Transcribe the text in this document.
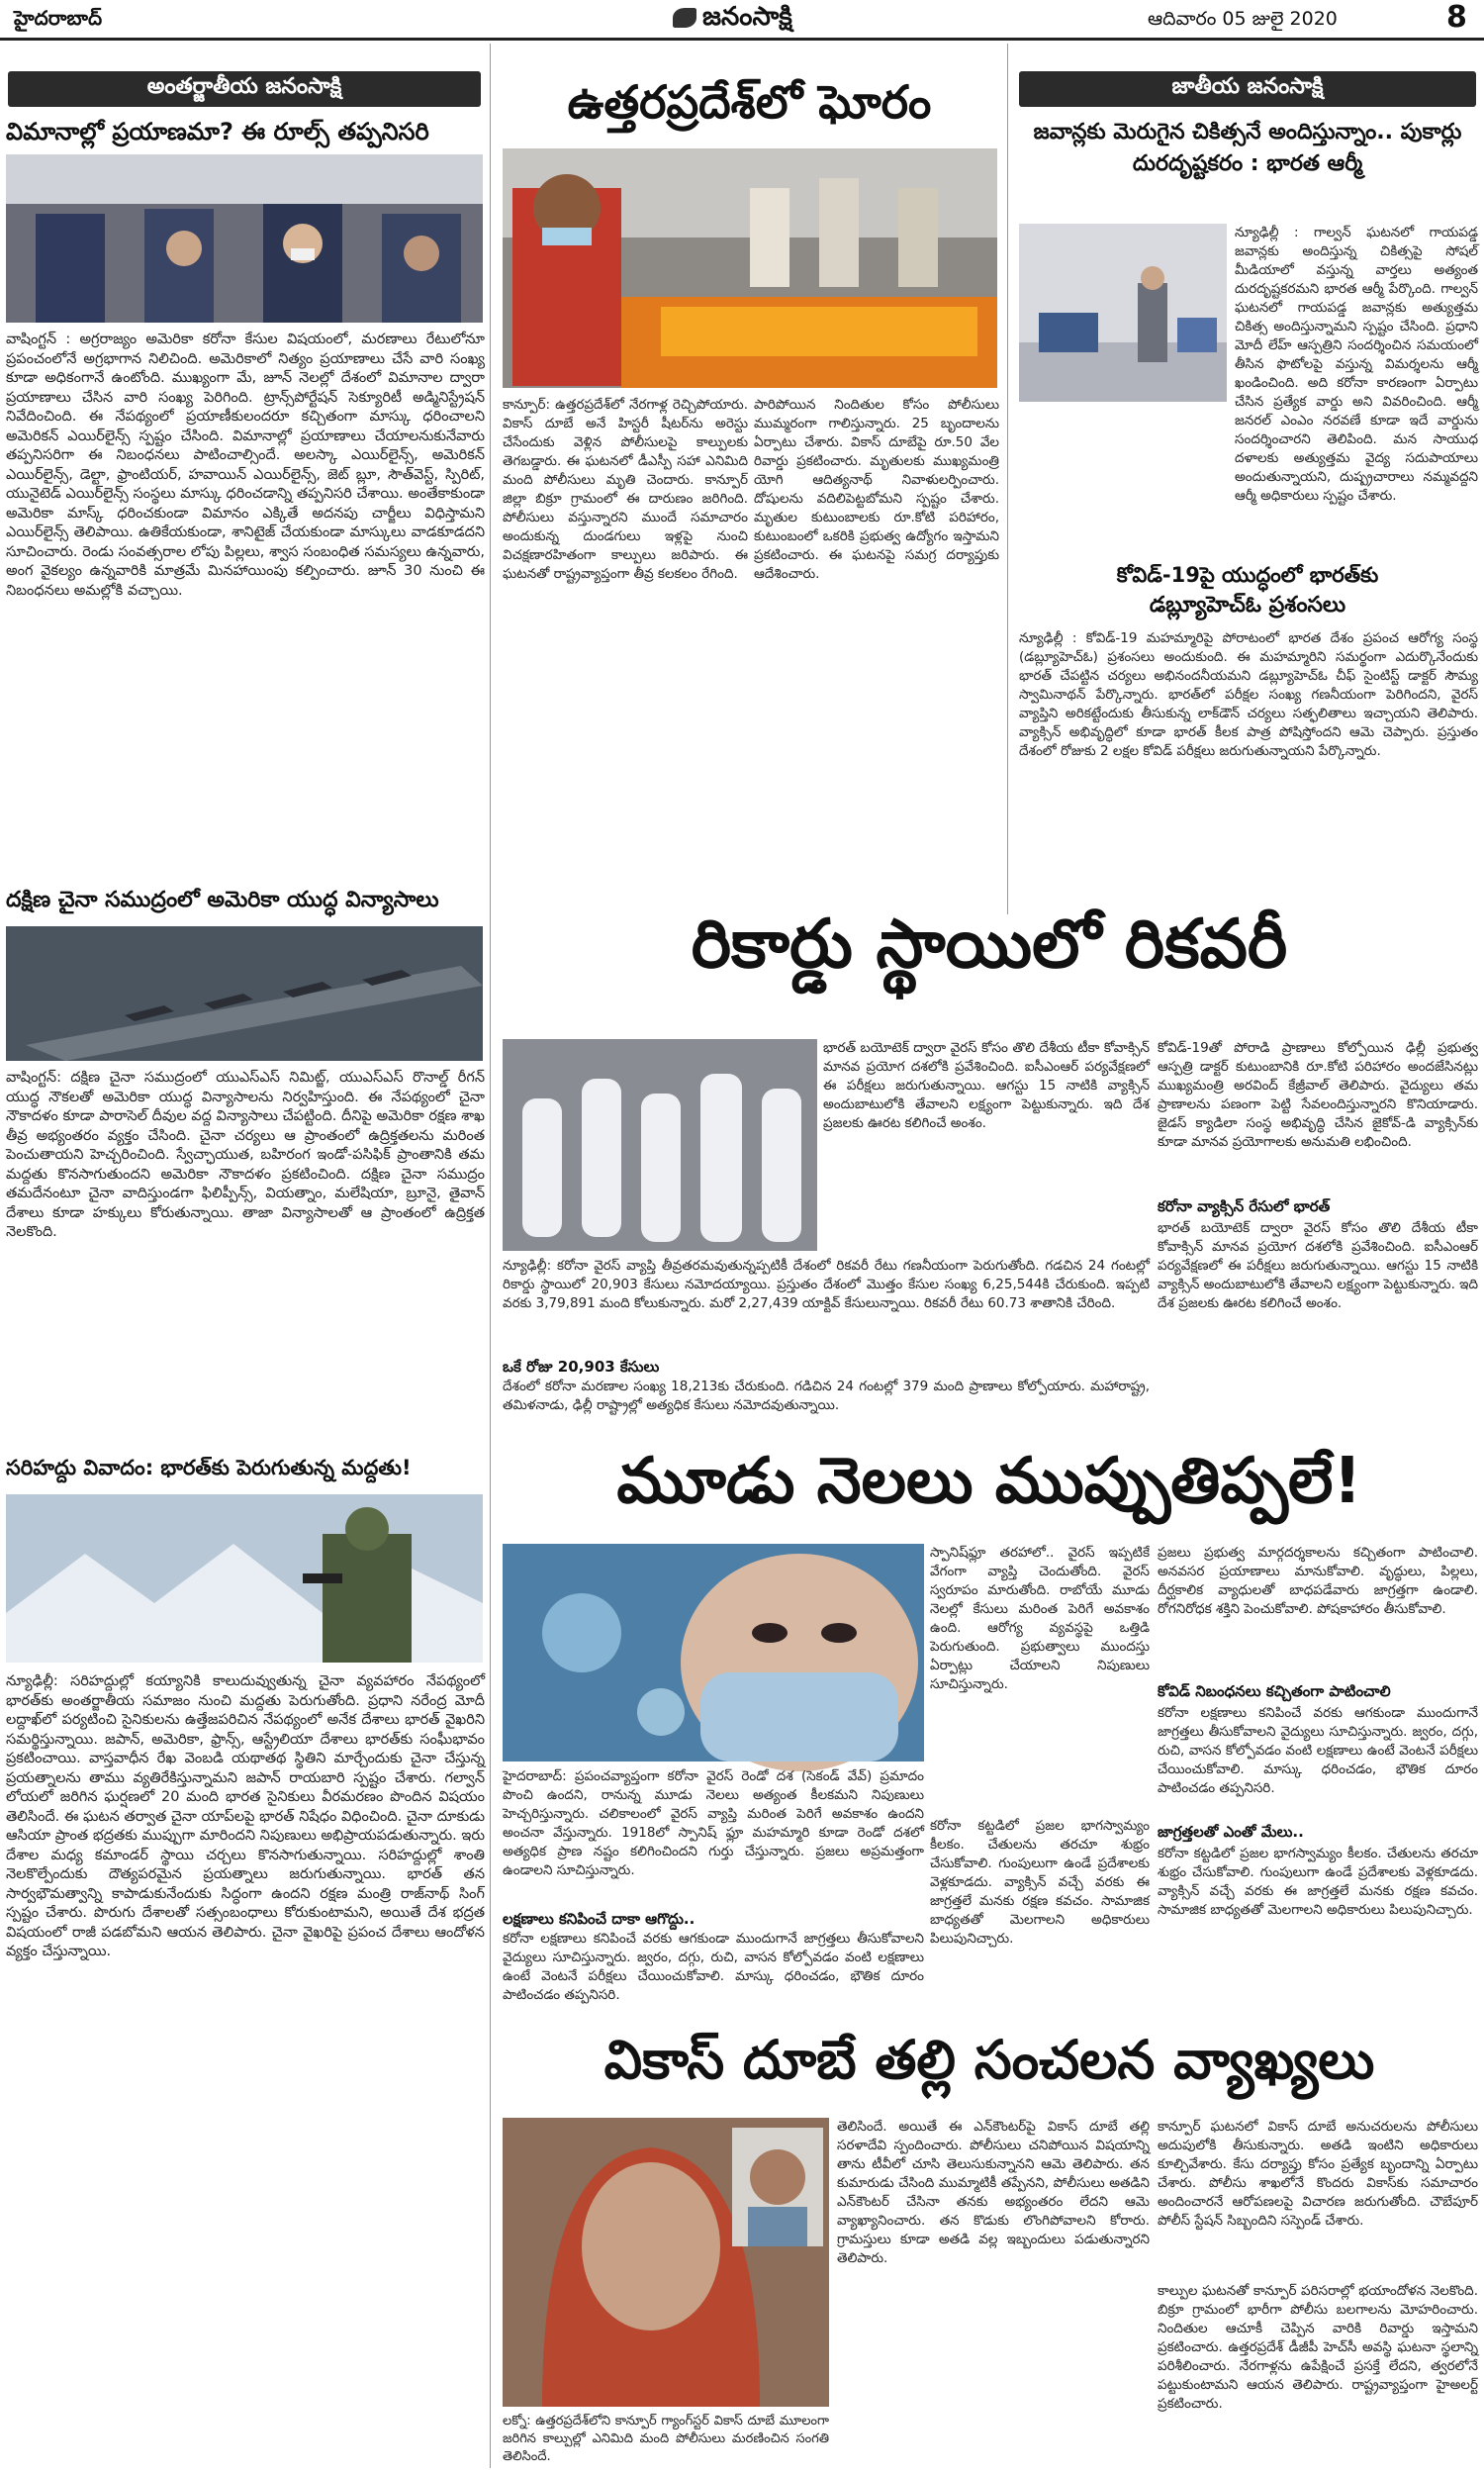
హైదరాబాద్	జనంసాక్షి	ఆదివారం 05 జులై 2020	8
అంతర్జాతీయ జనంసాక్షి
విమానాల్లో ప్రయాణమా? ఈ రూల్స్ తప్పనిసరి
వాషింగ్టన్ : అగ్రరాజ్యం అమెరికా కరోనా కేసుల విషయంలో, మరణాలు రేటులోనూ ప్రపంచంలోనే అగ్రభాగాన నిలిచింది. అమెరికాలో నిత్యం ప్రయాణాలు చేసే వారి సంఖ్య కూడా అధికంగానే ఉంటోంది. ముఖ్యంగా మే, జూన్ నెలల్లో దేశంలో విమానాల ద్వారా ప్రయాణాలు చేసిన వారి సంఖ్య పెరిగింది. ట్రాన్స్‌పోర్టేషన్ సెక్యూరిటీ అడ్మినిస్ట్రేషన్ నివేదించింది. ఈ నేపథ్యంలో ప్రయాణీకులందరూ కచ్చితంగా మాస్కు ధరించాలని అమెరికన్ ఎయిర్‌లైన్స్ స్పష్టం చేసింది. విమానాల్లో ప్రయాణాలు చేయాలనుకునేవారు తప్పనిసరిగా ఈ నిబంధనలు పాటించాల్సిందే. అలస్కా ఎయిర్‌లైన్స్, అమెరికన్ ఎయిర్‌లైన్స్, డెల్టా, ఫ్రాంటియర్, హవాయిన్ ఎయిర్‌లైన్స్, జెట్ బ్లూ, సౌత్‌వెస్ట్, స్పిరిట్, యునైటెడ్ ఎయిర్‌లైన్స్ సంస్థలు మాస్కు ధరించడాన్ని తప్పనిసరి చేశాయి. అంతేకాకుండా అమెరికా మాస్క్ ధరించకుండా విమానం ఎక్కితే అదనపు చార్జీలు విధిస్తామని ఎయిర్‌లైన్స్ తెలిపాయి. ఉతికేయకుండా, శానిటైజ్ చేయకుండా మాస్కులు వాడకూడదని సూచించారు. రెండు సంవత్సరాల లోపు పిల్లలు, శ్వాస సంబంధిత సమస్యలు ఉన్నవారు, అంగ వైకల్యం ఉన్నవారికి మాత్రమే మినహాయింపు కల్పించారు. జూన్ 30 నుంచి ఈ నిబంధనలు అమల్లోకి వచ్చాయి.
దక్షిణ చైనా సముద్రంలో అమెరికా యుద్ధ విన్యాసాలు
వాషింగ్టన్‌: దక్షిణ చైనా సముద్రంలో యుఎస్ఎస్ నిమిట్జ్, యుఎస్ఎస్ రొనాల్డ్ రీగన్ యుద్ధ నౌకలతో అమెరికా యుద్ధ విన్యాసాలను నిర్వహిస్తుంది. ఈ నేపథ్యంలో చైనా నౌకాదళం కూడా పారాసెల్ దీవుల వద్ద విన్యాసాలు చేపట్టింది. దీనిపై అమెరికా రక్షణ శాఖ తీవ్ర అభ్యంతరం వ్యక్తం చేసింది. చైనా చర్యలు ఆ ప్రాంతంలో ఉద్రిక్తతలను మరింత పెంచుతాయని హెచ్చరించింది. స్వేచ్ఛాయుత, బహిరంగ ఇండో-పసిఫిక్ ప్రాంతానికి తమ మద్దతు కొనసాగుతుందని అమెరికా నౌకాదళం ప్రకటించింది. దక్షిణ చైనా సముద్రం తమదేనంటూ చైనా వాదిస్తుండగా ఫిలిప్పీన్స్, వియత్నాం, మలేషియా, బ్రూనై, తైవాన్ దేశాలు కూడా హక్కులు కోరుతున్నాయి. తాజా విన్యాసాలతో ఆ ప్రాంతంలో ఉద్రిక్తత నెలకొంది.
సరిహద్దు వివాదం: భారత్‌కు పెరుగుతున్న మద్దతు!
న్యూఢిల్లీ: సరిహద్దుల్లో కయ్యానికి కాలుదువ్వుతున్న చైనా వ్యవహారం నేపథ్యంలో భారత్‌కు అంతర్జాతీయ సమాజం నుంచి మద్దతు పెరుగుతోంది. ప్రధాని నరేంద్ర మోదీ లద్దాఖ్‌లో పర్యటించి సైనికులను ఉత్తేజపరిచిన నేపథ్యంలో అనేక దేశాలు భారత్ వైఖరిని సమర్థిస్తున్నాయి. జపాన్, అమెరికా, ఫ్రాన్స్, ఆస్ట్రేలియా దేశాలు భారత్‌కు సంఘీభావం ప్రకటించాయి. వాస్తవాధీన రేఖ వెంబడి యథాతథ స్థితిని మార్చేందుకు చైనా చేస్తున్న ప్రయత్నాలను తాము వ్యతిరేకిస్తున్నామని జపాన్ రాయబారి స్పష్టం చేశారు. గల్వాన్ లోయలో జరిగిన ఘర్షణలో 20 మంది భారత సైనికులు వీరమరణం పొందిన విషయం తెలిసిందే. ఈ ఘటన తర్వాత చైనా యాప్‌లపై భారత్ నిషేధం విధించింది. చైనా దూకుడు ఆసియా ప్రాంత భద్రతకు ముప్పుగా మారిందని నిపుణులు అభిప్రాయపడుతున్నారు. ఇరు దేశాల మధ్య కమాండర్ స్థాయి చర్చలు కొనసాగుతున్నాయి. సరిహద్దుల్లో శాంతి నెలకొల్పేందుకు దౌత్యపరమైన ప్రయత్నాలు జరుగుతున్నాయి. భారత్ తన సార్వభౌమత్వాన్ని కాపాడుకునేందుకు సిద్ధంగా ఉందని రక్షణ మంత్రి రాజ్‌నాథ్ సింగ్ స్పష్టం చేశారు. పొరుగు దేశాలతో సత్సంబంధాలు కోరుకుంటామని, అయితే దేశ భద్రత విషయంలో రాజీ పడబోమని ఆయన తెలిపారు. చైనా వైఖరిపై ప్రపంచ దేశాలు ఆందోళన వ్యక్తం చేస్తున్నాయి.
ఉత్తరప్రదేశ్‌లో ఘోరం
కాన్పూర్‌: ఉత్తరప్రదేశ్‌లో నేరగాళ్ల రెచ్చిపోయారు. వికాస్ దూబే అనే హిస్టరీ షీటర్‌ను అరెస్టు చేసేందుకు వెళ్లిన పోలీసులపై కాల్పులకు తెగబడ్డారు. ఈ ఘటనలో డీఎస్పీ సహా ఎనిమిది మంది పోలీసులు మృతి చెందారు. కాన్పూర్ జిల్లా బిక్రూ గ్రామంలో ఈ దారుణం జరిగింది. పోలీసులు వస్తున్నారని ముందే సమాచారం అందుకున్న దుండగులు ఇళ్లపై నుంచి విచక్షణారహితంగా కాల్పులు జరిపారు. ఈ ఘటనతో రాష్ట్రవ్యాప్తంగా తీవ్ర కలకలం రేగింది.
పారిపోయిన నిందితుల కోసం పోలీసులు ముమ్మరంగా గాలిస్తున్నారు. 25 బృందాలను ఏర్పాటు చేశారు. వికాస్ దూబేపై రూ.50 వేల రివార్డు ప్రకటించారు. మృతులకు ముఖ్యమంత్రి యోగి ఆదిత్యనాథ్ నివాళులర్పించారు. దోషులను వదిలిపెట్టబోమని స్పష్టం చేశారు. మృతుల కుటుంబాలకు రూ.కోటి పరిహారం, కుటుంబంలో ఒకరికి ప్రభుత్వ ఉద్యోగం ఇస్తామని ప్రకటించారు. ఈ ఘటనపై సమగ్ర దర్యాప్తుకు ఆదేశించారు.
జాతీయ జనంసాక్షి
జవాన్లకు మెరుగైన చికిత్సనే అందిస్తున్నాం.. పుకార్లు దురదృష్టకరం : భారత ఆర్మీ
న్యూఢిల్లీ : గాల్వన్ ఘటనలో గాయపడ్డ జవాన్లకు అందిస్తున్న చికిత్సపై సోషల్ మీడియాలో వస్తున్న వార్తలు అత్యంత దురదృష్టకరమని భారత ఆర్మీ పేర్కొంది. గాల్వన్ ఘటనలో గాయపడ్డ జవాన్లకు అత్యుత్తమ చికిత్స అందిస్తున్నామని స్పష్టం చేసింది. ప్రధాని మోదీ లేహ్ ఆస్పత్రిని సందర్శించిన సమయంలో తీసిన ఫొటోలపై వస్తున్న విమర్శలను ఆర్మీ ఖండించింది. అది కరోనా కారణంగా ఏర్పాటు చేసిన ప్రత్యేక వార్డు అని వివరించింది. ఆర్మీ జనరల్ ఎంఎం నరవణే కూడా ఇదే వార్డును సందర్శించారని తెలిపింది. మన సాయుధ దళాలకు అత్యుత్తమ వైద్య సదుపాయాలు అందుతున్నాయని, దుష్ప్రచారాలు నమ్మవద్దని ఆర్మీ అధికారులు స్పష్టం చేశారు.
కోవిడ్‌-19పై యుద్ధంలో భారత్‌కు
డబ్ల్యూహెచ్‌ఓ ప్రశంసలు
న్యూఢిల్లీ : కోవిడ్‌-19 మహమ్మారిపై పోరాటంలో భారత దేశం ప్రపంచ ఆరోగ్య సంస్థ (డబ్ల్యూహెచ్‌ఓ) ప్రశంసలు అందుకుంది. ఈ మహమ్మారిని సమర్థంగా ఎదుర్కొనేందుకు భారత్ చేపట్టిన చర్యలు అభినందనీయమని డబ్ల్యూహెచ్‌ఓ చీఫ్ సైంటిస్ట్ డాక్టర్ సౌమ్య స్వామినాథన్ పేర్కొన్నారు. భారత్‌లో పరీక్షల సంఖ్య గణనీయంగా పెరిగిందని, వైరస్ వ్యాప్తిని అరికట్టేందుకు తీసుకున్న లాక్‌డౌన్ చర్యలు సత్ఫలితాలు ఇచ్చాయని తెలిపారు. వ్యాక్సిన్ అభివృద్ధిలో కూడా భారత్ కీలక పాత్ర పోషిస్తోందని ఆమె చెప్పారు. ప్రస్తుతం దేశంలో రోజుకు 2 లక్షల కోవిడ్ పరీక్షలు జరుగుతున్నాయని పేర్కొన్నారు.
రికార్డు స్థాయిలో రికవరీ
భారత్‌ బయోటెక్‌ ద్వారా వైరస్‌ కోసం తొలి దేశీయ టీకా కోవాక్సిన్‌ మానవ ప్రయోగ దశలోకి ప్రవేశించింది. ఐసీఎంఆర్ పర్యవేక్షణలో ఈ పరీక్షలు జరుగుతున్నాయి. ఆగస్టు 15 నాటికి వ్యాక్సిన్ అందుబాటులోకి తేవాలని లక్ష్యంగా పెట్టుకున్నారు. ఇది దేశ ప్రజలకు ఊరట కలిగించే అంశం.
న్యూఢిల్లీ: కరోనా వైరస్ వ్యాప్తి తీవ్రతరమవుతున్నప్పటికీ దేశంలో రికవరీ రేటు గణనీయంగా పెరుగుతోంది. గడచిన 24 గంటల్లో రికార్డు స్థాయిలో 20,903 కేసులు నమోదయ్యాయి. ప్రస్తుతం దేశంలో మొత్తం కేసుల సంఖ్య 6,25,544కి చేరుకుంది. ఇప్పటి వరకు 3,79,891 మంది కోలుకున్నారు. మరో 2,27,439 యాక్టివ్ కేసులున్నాయి. రికవరీ రేటు 60.73 శాతానికి చేరింది.
ఒకే రోజు 20,903 కేసులు
దేశంలో కరోనా మరణాల సంఖ్య 18,213కు చేరుకుంది. గడిచిన 24 గంటల్లో 379 మంది ప్రాణాలు కోల్పోయారు. మహారాష్ట్ర, తమిళనాడు, ఢిల్లీ రాష్ట్రాల్లో అత్యధిక కేసులు నమోదవుతున్నాయి.
కరోనా వ్యాక్సిన్ రేసులో భారత్
కోవిడ్‌-19తో పోరాడి ప్రాణాలు కోల్పోయిన ఢిల్లీ ప్రభుత్వ ఆస్పత్రి డాక్టర్ కుటుంబానికి రూ.కోటి పరిహారం అందజేసినట్లు ముఖ్యమంత్రి అరవింద్ కేజ్రీవాల్ తెలిపారు. వైద్యులు తమ ప్రాణాలను పణంగా పెట్టి సేవలందిస్తున్నారని కొనియాడారు. జైడస్ క్యాడిలా సంస్థ అభివృద్ధి చేసిన జైకోవ్-డి వ్యాక్సిన్‌కు కూడా మానవ ప్రయోగాలకు అనుమతి లభించింది.
భారత్‌ బయోటెక్‌ ద్వారా వైరస్‌ కోసం తొలి దేశీయ టీకా కోవాక్సిన్‌ మానవ ప్రయోగ దశలోకి ప్రవేశించింది. ఐసీఎంఆర్ పర్యవేక్షణలో ఈ పరీక్షలు జరుగుతున్నాయి. ఆగస్టు 15 నాటికి వ్యాక్సిన్ అందుబాటులోకి తేవాలని లక్ష్యంగా పెట్టుకున్నారు. ఇది దేశ ప్రజలకు ఊరట కలిగించే అంశం.
మూడు నెలలు ముప్పుతిప్పలే!
హైదరాబాద్‌: ప్రపంచవ్యాప్తంగా కరోనా వైరస్ రెండో దశ (సెకండ్ వేవ్) ప్రమాదం పొంచి ఉందని, రానున్న మూడు నెలలు అత్యంత కీలకమని నిపుణులు హెచ్చరిస్తున్నారు. చలికాలంలో వైరస్ వ్యాప్తి మరింత పెరిగే అవకాశం ఉందని అంచనా వేస్తున్నారు. 1918లో స్పానిష్ ఫ్లూ మహమ్మారి కూడా రెండో దశలో అత్యధిక ప్రాణ నష్టం కలిగించిందని గుర్తు చేస్తున్నారు. ప్రజలు అప్రమత్తంగా ఉండాలని సూచిస్తున్నారు.
లక్షణాలు కనిపించే దాకా ఆగొద్దు..
కరోనా లక్షణాలు కనిపించే వరకు ఆగకుండా ముందుగానే జాగ్రత్తలు తీసుకోవాలని వైద్యులు సూచిస్తున్నారు. జ్వరం, దగ్గు, రుచి, వాసన కోల్పోవడం వంటి లక్షణాలు ఉంటే వెంటనే పరీక్షలు చేయించుకోవాలి. మాస్కు ధరించడం, భౌతిక దూరం పాటించడం తప్పనిసరి.
స్పానిష్‌ఫ్లూ తరహాలో.. వైరస్ ఇప్పటికే వేగంగా వ్యాప్తి చెందుతోంది. వైరస్ స్వరూపం మారుతోంది. రాబోయే మూడు నెలల్లో కేసులు మరింత పెరిగే అవకాశం ఉంది. ఆరోగ్య వ్యవస్థపై ఒత్తిడి పెరుగుతుంది. ప్రభుత్వాలు ముందస్తు ఏర్పాట్లు చేయాలని నిపుణులు సూచిస్తున్నారు.	కోవిడ్ నిబంధనలు కచ్చితంగా పాటించాలి
ప్రజలు ప్రభుత్వ మార్గదర్శకాలను కచ్చితంగా పాటించాలి. అనవసర ప్రయాణాలు మానుకోవాలి. వృద్ధులు, పిల్లలు, దీర్ఘకాలిక వ్యాధులతో బాధపడేవారు జాగ్రత్తగా ఉండాలి. రోగనిరోధక శక్తిని పెంచుకోవాలి. పోషకాహారం తీసుకోవాలి.
జాగ్రత్తలతో ఎంతో మేలు..
కరోనా కట్టడిలో ప్రజల భాగస్వామ్యం కీలకం. చేతులను తరచూ శుభ్రం చేసుకోవాలి. గుంపులుగా ఉండే ప్రదేశాలకు వెళ్లకూడదు. వ్యాక్సిన్ వచ్చే వరకు ఈ జాగ్రత్తలే మనకు రక్షణ కవచం. సామాజిక బాధ్యతతో మెలగాలని అధికారులు పిలుపునిచ్చారు.
కరోనా లక్షణాలు కనిపించే వరకు ఆగకుండా ముందుగానే జాగ్రత్తలు తీసుకోవాలని వైద్యులు సూచిస్తున్నారు. జ్వరం, దగ్గు, రుచి, వాసన కోల్పోవడం వంటి లక్షణాలు ఉంటే వెంటనే పరీక్షలు చేయించుకోవాలి. మాస్కు ధరించడం, భౌతిక దూరం పాటించడం తప్పనిసరి.
కరోనా కట్టడిలో ప్రజల భాగస్వామ్యం కీలకం. చేతులను తరచూ శుభ్రం చేసుకోవాలి. గుంపులుగా ఉండే ప్రదేశాలకు వెళ్లకూడదు. వ్యాక్సిన్ వచ్చే వరకు ఈ జాగ్రత్తలే మనకు రక్షణ కవచం. సామాజిక బాధ్యతతో మెలగాలని అధికారులు పిలుపునిచ్చారు.
వికాస్‌ దూబే తల్లి సంచలన వ్యాఖ్యలు
లక్నో: ఉత్తరప్రదేశ్‌లోని కాన్పూర్‌ గ్యాంగ్‌స్టర్‌ వికాస్‌ దూబే మూలంగా జరిగిన కాల్పుల్లో ఎనిమిది మంది పోలీసులు మరణించిన సంగతి తెలిసిందే.
తెలిసిందే. అయితే ఈ ఎన్‌కౌంటర్‌పై వికాస్‌ దూబే తల్లి సరళాదేవి స్పందించారు. పోలీసులు చనిపోయిన విషయాన్ని తాను టీవీలో చూసి తెలుసుకున్నానని ఆమె తెలిపారు. తన కుమారుడు చేసింది ముమ్మాటికీ తప్పేనని, పోలీసులు అతడిని ఎన్‌కౌంటర్ చేసినా తనకు అభ్యంతరం లేదని ఆమె వ్యాఖ్యానించారు. తన కొడుకు లొంగిపోవాలని కోరారు. గ్రామస్తులు కూడా అతడి వల్ల ఇబ్బందులు పడుతున్నారని తెలిపారు.
కాన్పూర్‌ ఘటనలో వికాస్ దూబే అనుచరులను పోలీసులు అదుపులోకి తీసుకున్నారు. అతడి ఇంటిని అధికారులు కూల్చివేశారు. కేసు దర్యాప్తు కోసం ప్రత్యేక బృందాన్ని ఏర్పాటు చేశారు. పోలీసు శాఖలోనే కొందరు వికాస్‌కు సమాచారం అందించారనే ఆరోపణలపై విచారణ జరుగుతోంది. చౌబేపూర్ పోలీస్ స్టేషన్ సిబ్బందిని సస్పెండ్ చేశారు.
కాల్పుల ఘటనతో కాన్పూర్ పరిసరాల్లో భయాందోళన నెలకొంది. బిక్రూ గ్రామంలో భారీగా పోలీసు బలగాలను మోహరించారు. నిందితుల ఆచూకీ చెప్పిన వారికి రివార్డు ఇస్తామని ప్రకటించారు. ఉత్తరప్రదేశ్ డీజీపీ హెచ్‌సీ అవస్థి ఘటనా స్థలాన్ని పరిశీలించారు. నేరగాళ్లను ఉపేక్షించే ప్రసక్తే లేదని, త్వరలోనే పట్టుకుంటామని ఆయన తెలిపారు. రాష్ట్రవ్యాప్తంగా హైఅలర్ట్ ప్రకటించారు.
